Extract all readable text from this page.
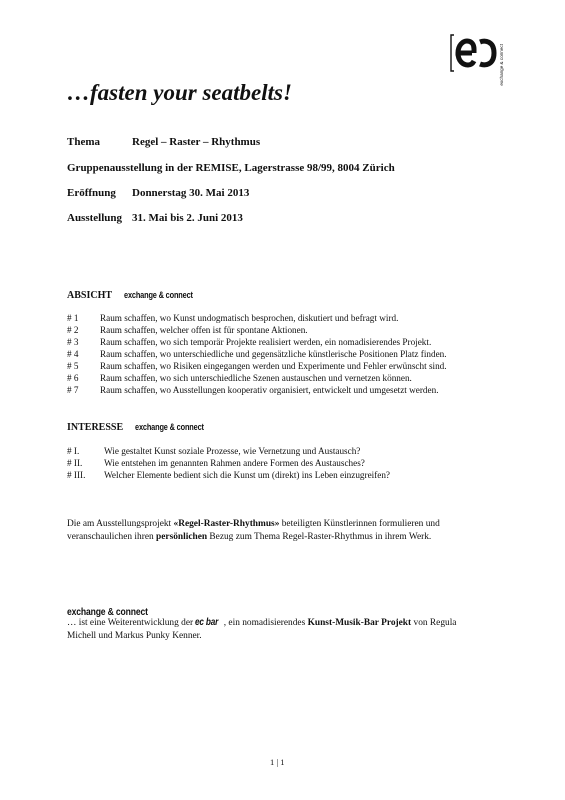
exchange & connect
…fasten your seatbelts!
Thema	Regel – Raster – Rhythmus
Gruppenausstellung in der REMISE, Lagerstrasse 98/99, 8004 Zürich
Eröffnung Donnerstag 30. Mai 2013
Ausstellung 31. Mai bis 2. Juni 2013
ABSICHT exchange & connect
# 1 Raum schaffen, wo Kunst undogmatisch besprochen, diskutiert und befragt wird.
# 2 Raum schaffen, welcher offen ist für spontane Aktionen.
# 3 Raum schaffen, wo sich temporär Projekte realisiert werden, ein nomadisierendes Projekt.
# 4 Raum schaffen, wo unterschiedliche und gegensätzliche künstlerische Positionen Platz finden.
# 5 Raum schaffen, wo Risiken eingegangen werden und Experimente und Fehler erwünscht sind.
# 6 Raum schaffen, wo sich unterschiedliche Szenen austauschen und vernetzen können.
# 7 Raum schaffen, wo Ausstellungen kooperativ organisiert, entwickelt und umgesetzt werden.
INTERESSE exchange & connect
# I.	Wie gestaltet Kunst soziale Prozesse, wie Vernetzung und Austausch?
# II. Wie entstehen im genannten Rahmen andere Formen des Austausches?
# III. Welcher Elemente bedient sich die Kunst um (direkt) ins Leben einzugreifen?
Die am Ausstellungsprojekt «Regel-Raster-Rhythmus» beteiligten Künstlerinnen formulieren und veranschaulichen ihren persönlichen Bezug zum Thema Regel-Raster-Rhythmus in ihrem Werk.
exchange & connect
… ist eine Weiterentwicklung der ec bar , ein nomadisierendes Kunst-Musik-Bar Projekt von Regula Michell und Markus Punky Kenner.
1 | 1
